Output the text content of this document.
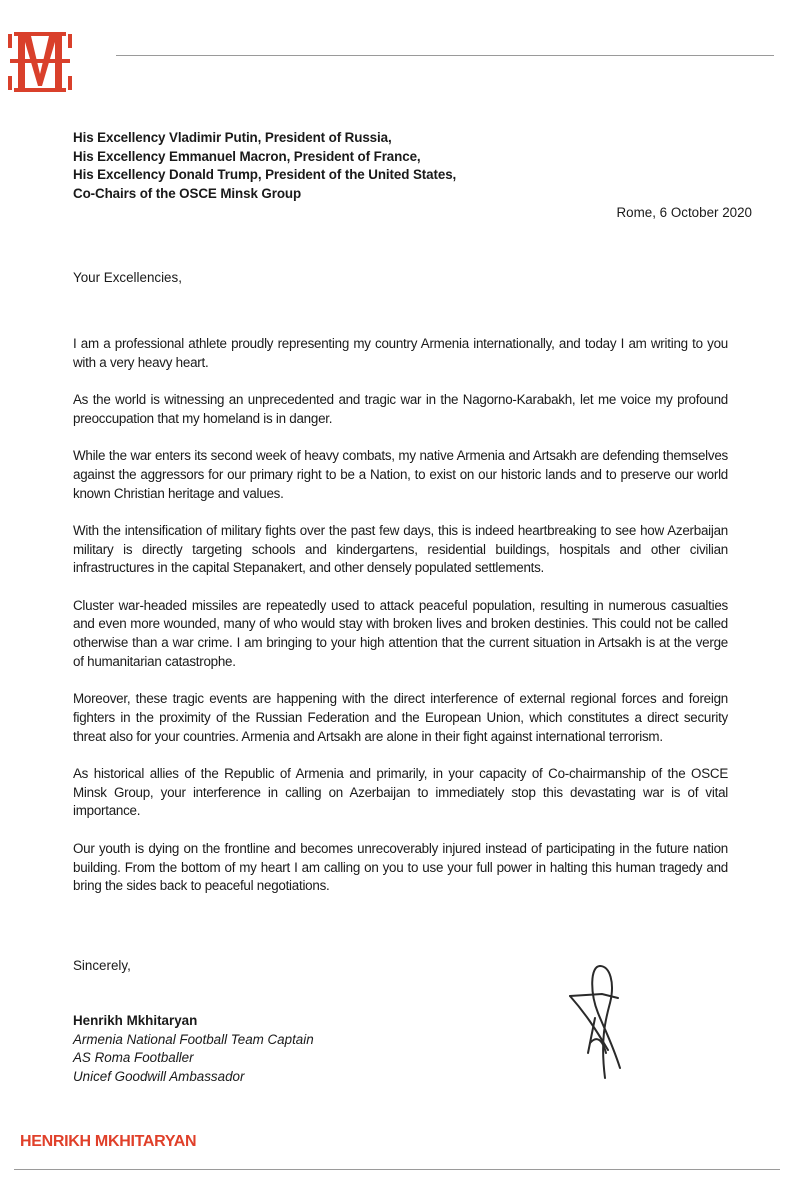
His Excellency Vladimir Putin, President of Russia,
His Excellency Emmanuel Macron, President of France,
His Excellency Donald Trump, President of the United States,
Co-Chairs of the OSCE Minsk Group
Rome, 6 October 2020
Your Excellencies,

I am a professional athlete proudly representing my country Armenia internationally, and today I am writing to you with a very heavy heart.

As the world is witnessing an unprecedented and tragic war in the Nagorno-Karabakh, let me voice my profound preoccupation that my homeland is in danger.

While the war enters its second week of heavy combats, my native Armenia and Artsakh are defending themselves against the aggressors for our primary right to be a Nation, to exist on our historic lands and to preserve our world known Christian heritage and values.

With the intensification of military fights over the past few days, this is indeed heartbreaking to see how Azerbaijan military is directly targeting schools and kindergartens, residential buildings, hospitals and other civilian infrastructures in the capital Stepanakert, and other densely populated settlements.

Cluster war-headed missiles are repeatedly used to attack peaceful population, resulting in numerous casualties and even more wounded, many of who would stay with broken lives and broken destinies. This could not be called otherwise than a war crime. I am bringing to your high attention that the current situation in Artsakh is at the verge of humanitarian catastrophe.

Moreover, these tragic events are happening with the direct interference of external regional forces and foreign fighters in the proximity of the Russian Federation and the European Union, which constitutes a direct security threat also for your countries. Armenia and Artsakh are alone in their fight against international terrorism.

As historical allies of the Republic of Armenia and primarily, in your capacity of Co-chairmanship of the OSCE Minsk Group, your interference in calling on Azerbaijan to immediately stop this devastating war is of vital importance.

Our youth is dying on the frontline and becomes unrecoverably injured instead of participating in the future nation building. From the bottom of my heart I am calling on you to use your full power in halting this human tragedy and bring the sides back to peaceful negotiations.

Sincerely,
Henrikh Mkhitaryan
Armenia National Football Team Captain
AS Roma Footballer
Unicef Goodwill Ambassador
HENRIKH MKHITARYAN
